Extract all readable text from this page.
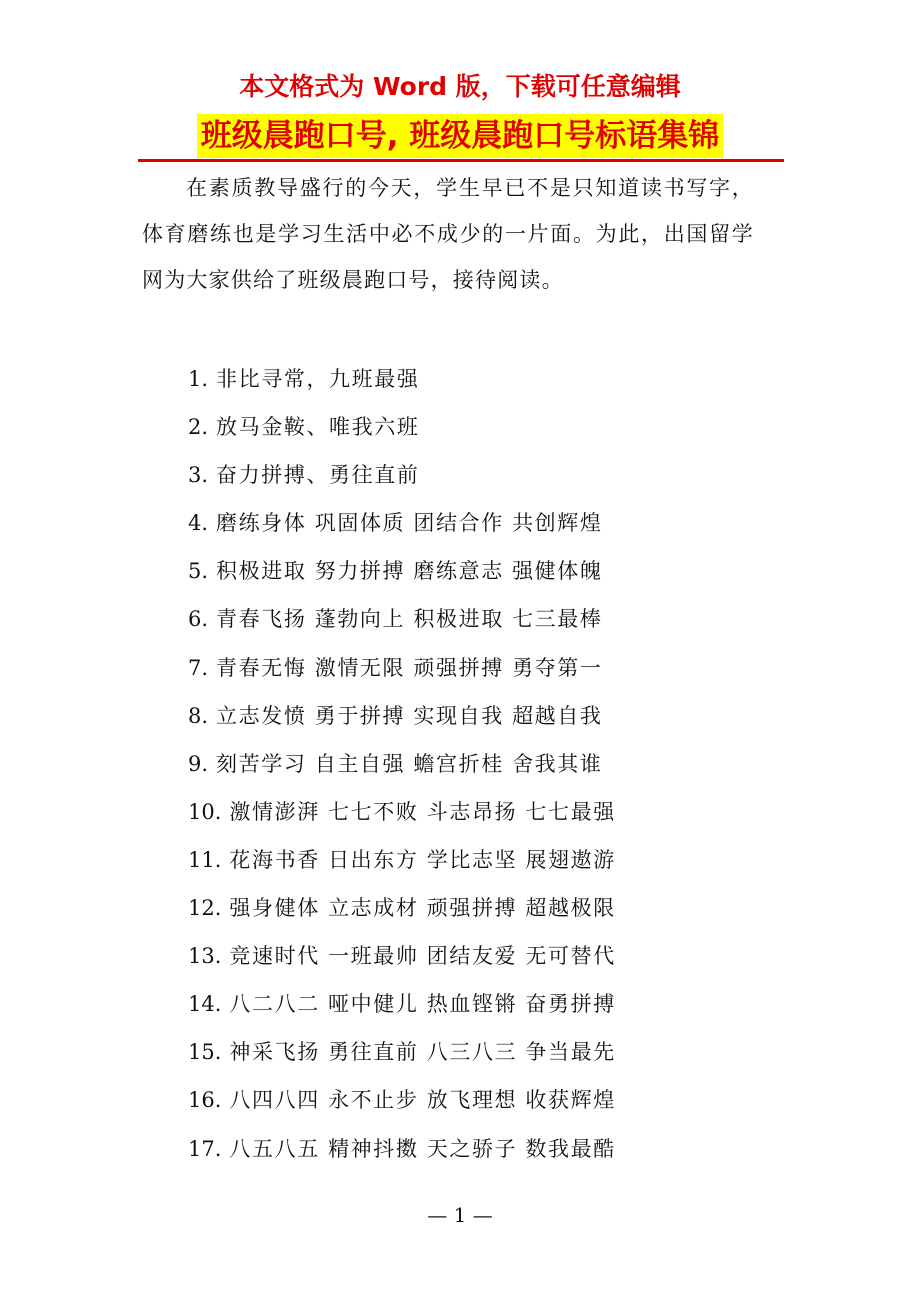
本文格式为 Word 版，下载可任意编辑
班级晨跑口号, 班级晨跑口号标语集锦

在素质教导盛行的今天，学生早已不是只知道读书写字，体育磨练也是学习生活中必不成少的一片面。为此，出国留学网为大家供给了班级晨跑口号，接待阅读。

1. 非比寻常，九班最强
2. 放马金鞍、唯我六班
3. 奋力拼搏、勇往直前
4. 磨练身体 巩固体质 团结合作 共创辉煌
5. 积极进取 努力拼搏 磨练意志 强健体魄
6. 青春飞扬 蓬勃向上 积极进取 七三最棒
7. 青春无悔 激情无限 顽强拼搏 勇夺第一
8. 立志发愤 勇于拼搏 实现自我 超越自我
9. 刻苦学习 自主自强 蟾宫折桂 舍我其谁
10. 激情澎湃 七七不败 斗志昂扬 七七最强
11. 花海书香 日出东方 学比志坚 展翅遨游
12. 强身健体 立志成材 顽强拼搏 超越极限
13. 竞速时代 一班最帅 团结友爱 无可替代
14. 八二八二 哑中健儿 热血铿锵 奋勇拼搏
15. 神采飞扬 勇往直前 八三八三 争当最先
16. 八四八四 永不止步 放飞理想 收获辉煌
17. 八五八五 精神抖擞 天之骄子 数我最酷
— 1 —
